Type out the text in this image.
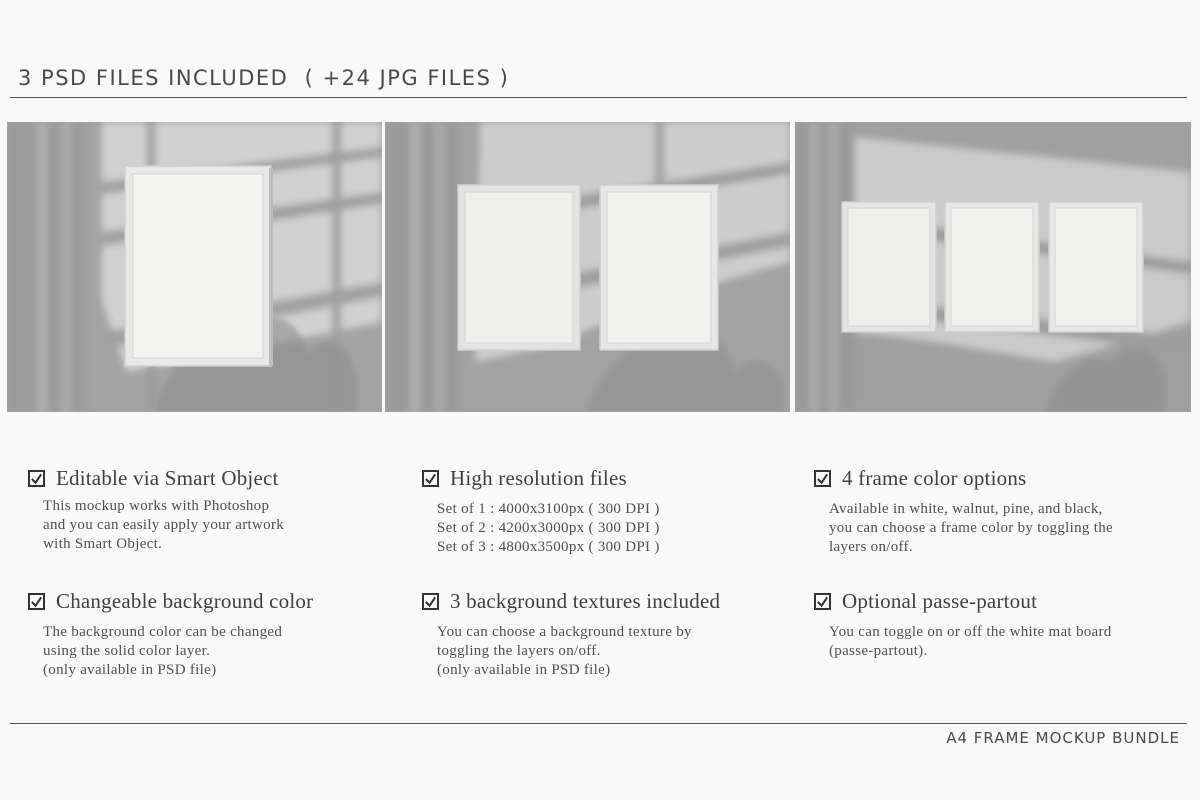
3 PSD FILES INCLUDED  ( +24 JPG FILES )
Editable via Smart Object
This mockup works with Photoshop
and you can easily apply your artwork
with Smart Object.
High resolution files
Set of 1 : 4000x3100px ( 300 DPI )
Set of 2 : 4200x3000px ( 300 DPI )
Set of 3 : 4800x3500px ( 300 DPI )
4 frame color options
Available in white, walnut, pine, and black,
you can choose a frame color by toggling the
layers on/off.
Changeable background color
The background color can be changed
using the solid color layer.
(only available in PSD file)
3 background textures included
You can choose a background texture by
toggling the layers on/off.
(only available in PSD file)
Optional passe-partout
You can toggle on or off the white mat board
(passe-partout).
A4 FRAME MOCKUP BUNDLE
